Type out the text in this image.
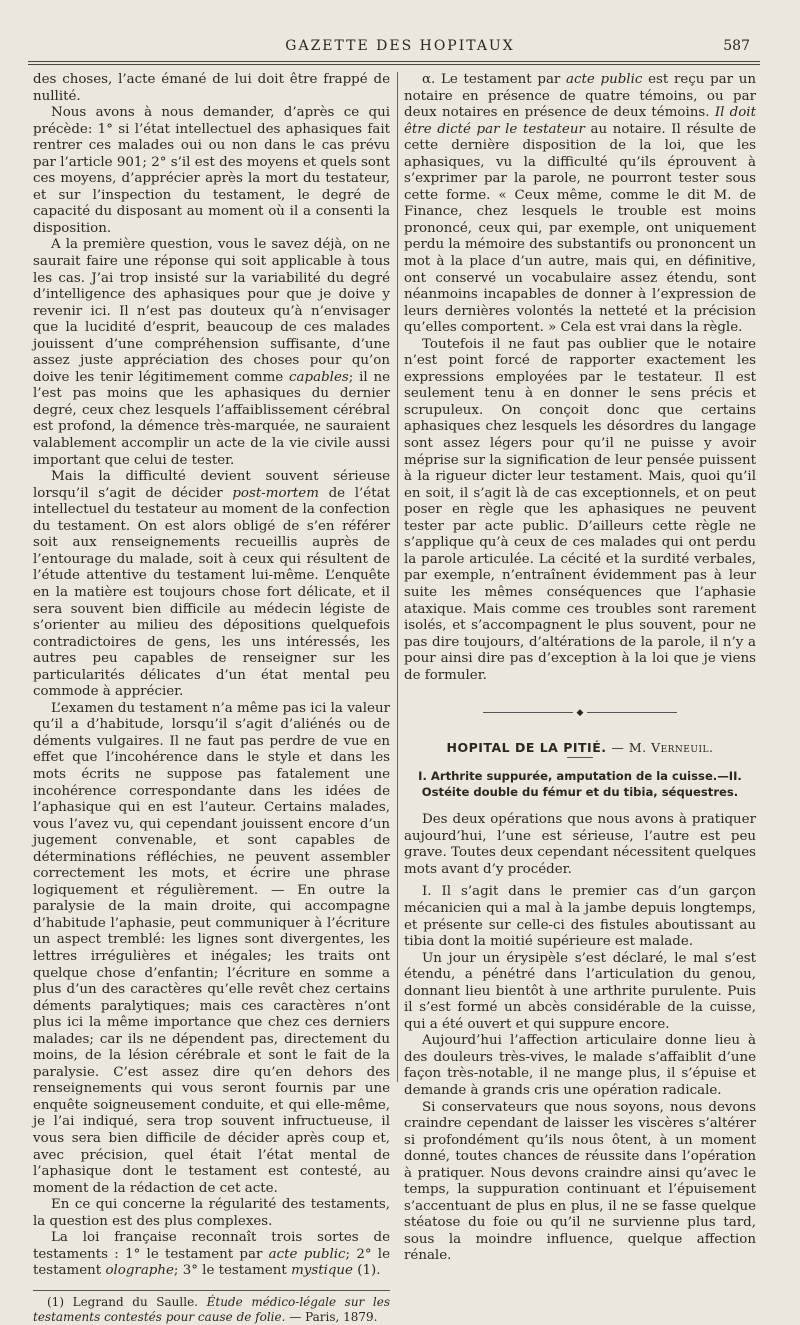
GAZETTE DES HOPITAUX	587

des choses, l’acte émané de lui doit être frappé de nullité.

Nous avons à nous demander, d’après ce qui précède: 1° si l’état intellectuel des aphasiques fait rentrer ces malades oui ou non dans le cas prévu par l’article 901; 2° s’il est des moyens et quels sont ces moyens, d’apprécier après la mort du testateur, et sur l’inspection du testament, le degré de capacité du disposant au moment où il a consenti la disposition.

A la première question, vous le savez déjà, on ne saurait faire une réponse qui soit applicable à tous les cas. J’ai trop insisté sur la variabilité du degré d’intelligence des aphasiques pour que je doive y revenir ici. Il n’est pas douteux qu’à n’envisager que la lucidité d’esprit, beaucoup de ces malades jouissent d’une compréhension suffisante, d’une assez juste appréciation des choses pour qu’on doive les tenir légitimement comme capables; il ne l’est pas moins que les aphasiques du dernier degré, ceux chez lesquels l’affaiblissement cérébral est profond, la démence très-marquée, ne sauraient valablement accomplir un acte de la vie civile aussi important que celui de tester.

Mais la difficulté devient souvent sérieuse lorsqu’il s’agit de décider post-mortem de l’état intellectuel du testateur au moment de la confection du testament. On est alors obligé de s’en référer soit aux renseignements recueillis auprès de l’entourage du malade, soit à ceux qui résultent de l’étude attentive du testament lui-même. L’enquête en la matière est toujours chose fort délicate, et il sera souvent bien difficile au médecin légiste de s’orienter au milieu des dépositions quelquefois contradictoires de gens, les uns intéressés, les autres peu capables de renseigner sur les particularités délicates d’un état mental peu commode à apprécier.

L’examen du testament n’a même pas ici la valeur qu’il a d’habitude, lorsqu’il s’agit d’aliénés ou de déments vulgaires. Il ne faut pas perdre de vue en effet que l’incohérence dans le style et dans les mots écrits ne suppose pas fatalement une incohérence correspondante dans les idées de l’aphasique qui en est l’auteur. Certains malades, vous l’avez vu, qui cependant jouissent encore d’un jugement convenable, et sont capables de déterminations réfléchies, ne peuvent assembler correctement les mots, et écrire une phrase logiquement et régulièrement. — En outre la paralysie de la main droite, qui accompagne d’habitude l’aphasie, peut communiquer à l’écriture un aspect tremblé: les lignes sont divergentes, les lettres irrégulières et inégales; les traits ont quelque chose d’enfantin; l’écriture en somme a plus d’un des caractères qu’elle revêt chez certains déments paralytiques; mais ces caractères n’ont plus ici la même importance que chez ces derniers malades; car ils ne dépendent pas, directement du moins, de la lésion cérébrale et sont le fait de la paralysie. C’est assez dire qu’en dehors des renseignements qui vous seront fournis par une enquête soigneusement conduite, et qui elle-même, je l’ai indiqué, sera trop souvent infructueuse, il vous sera bien difficile de décider après coup et, avec précision, quel était l’état mental de l’aphasique dont le testament est contesté, au moment de la rédaction de cet acte.

En ce qui concerne la régularité des testaments, la question est des plus complexes.

La loi française reconnaît trois sortes de testaments : 1° le testament par acte public; 2° le testament olographe; 3° le testament mystique (1).

(1) Legrand du Saulle. Étude médico-légale sur les testaments contestés pour cause de folie. — Paris, 1879.

α. Le testament par acte public est reçu par un notaire en présence de quatre témoins, ou par deux notaires en présence de deux témoins. Il doit être dicté par le testateur au notaire. Il résulte de cette dernière disposition de la loi, que les aphasiques, vu la difficulté qu’ils éprouvent à s’exprimer par la parole, ne pourront tester sous cette forme. « Ceux même, comme le dit M. de Finance, chez lesquels le trouble est moins prononcé, ceux qui, par exemple, ont uniquement perdu la mémoire des substantifs ou prononcent un mot à la place d’un autre, mais qui, en définitive, ont conservé un vocabulaire assez étendu, sont néanmoins incapables de donner à l’expression de leurs dernières volontés la netteté et la précision qu’elles comportent. » Cela est vrai dans la règle.

Toutefois il ne faut pas oublier que le notaire n’est point forcé de rapporter exactement les expressions employées par le testateur. Il est seulement tenu à en donner le sens précis et scrupuleux. On conçoit donc que certains aphasiques chez lesquels les désordres du langage sont assez légers pour qu’il ne puisse y avoir méprise sur la signification de leur pensée puissent à la rigueur dicter leur testament. Mais, quoi qu’il en soit, il s’agit là de cas exceptionnels, et on peut poser en règle que les aphasiques ne peuvent tester par acte public. D’ailleurs cette règle ne s’applique qu’à ceux de ces malades qui ont perdu la parole articulée. La cécité et la surdité verbales, par exemple, n’entraînent évidemment pas à leur suite les mêmes conséquences que l’aphasie ataxique. Mais comme ces troubles sont rarement isolés, et s’accompagnent le plus souvent, pour ne pas dire toujours, d’altérations de la parole, il n’y a pour ainsi dire pas d’exception à la loi que je viens de formuler.

◆
HOPITAL DE LA PITIÉ. — M. Verneuil.
I. Arthrite suppurée, amputation de la cuisse.—II. Ostéite double du fémur et du tibia, séquestres.

Des deux opérations que nous avons à pratiquer aujourd’hui, l’une est sérieuse, l’autre est peu grave. Toutes deux cependant nécessitent quelques mots avant d’y procéder.

I. Il s’agit dans le premier cas d’un garçon mécanicien qui a mal à la jambe depuis longtemps, et présente sur celle-ci des fistules aboutissant au tibia dont la moitié supérieure est malade.

Un jour un érysipèle s’est déclaré, le mal s’est étendu, a pénétré dans l’articulation du genou, donnant lieu bientôt à une arthrite purulente. Puis il s’est formé un abcès considérable de la cuisse, qui a été ouvert et qui suppure encore.

Aujourd’hui l’affection articulaire donne lieu à des douleurs très-vives, le malade s’affaiblit d’une façon très-notable, il ne mange plus, il s’épuise et demande à grands cris une opération radicale.

Si conservateurs que nous soyons, nous devons craindre cependant de laisser les viscères s’altérer si profondément qu’ils nous ôtent, à un moment donné, toutes chances de réussite dans l’opération à pratiquer. Nous devons craindre ainsi qu’avec le temps, la suppuration continuant et l’épuisement s’accentuant de plus en plus, il ne se fasse quelque stéatose du foie ou qu’il ne survienne plus tard, sous la moindre influence, quelque affection rénale.
